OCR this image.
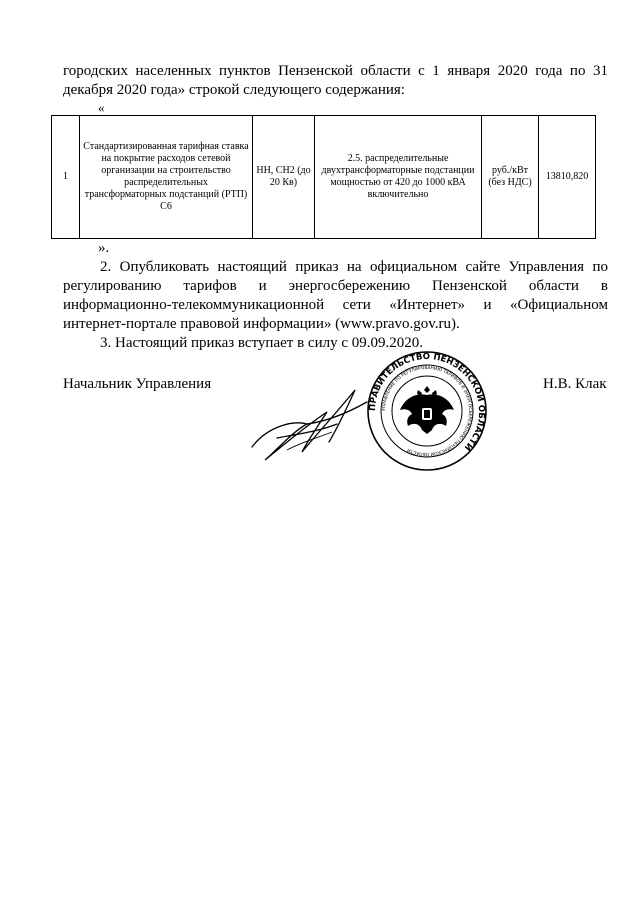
городских населенных пунктов Пензенской области с 1 января 2020 года по 31
декабря 2020 года» строкой следующего содержания:
«
1	Стандартизированная тарифная ставка на покрытие расходов сетевой организации на строительство распределительных трансформаторных подстанций (РТП) С6	НН, СН2 (до 20 Кв)	2.5. распределительные двухтрансформаторные подстанции мощностью от 420 до 1000 кВА включительно	руб./кВт (без НДС)	13810,820
».
2. Опубликовать настоящий приказ на официальном сайте Управления по
регулированию тарифов и энергосбережению Пензенской области в
информационно-телекоммуникационной сети «Интернет» и «Официальном
интернет-портале правовой информации» (www.pravo.gov.ru).
3. Настоящий приказ вступает в силу с 09.09.2020.
Начальник Управления	Н.В. Клак
ПРАВИТЕЛЬСТВО ПЕНЗЕНСКОЙ ОБЛАСТИ
УПРАВЛЕНИЕ ПО РЕГУЛИРОВАНИЮ ТАРИФОВ И ЭНЕРГОСБЕРЕЖЕНИЮ ПЕНЗЕНСКОЙ ОБЛАСТИ
